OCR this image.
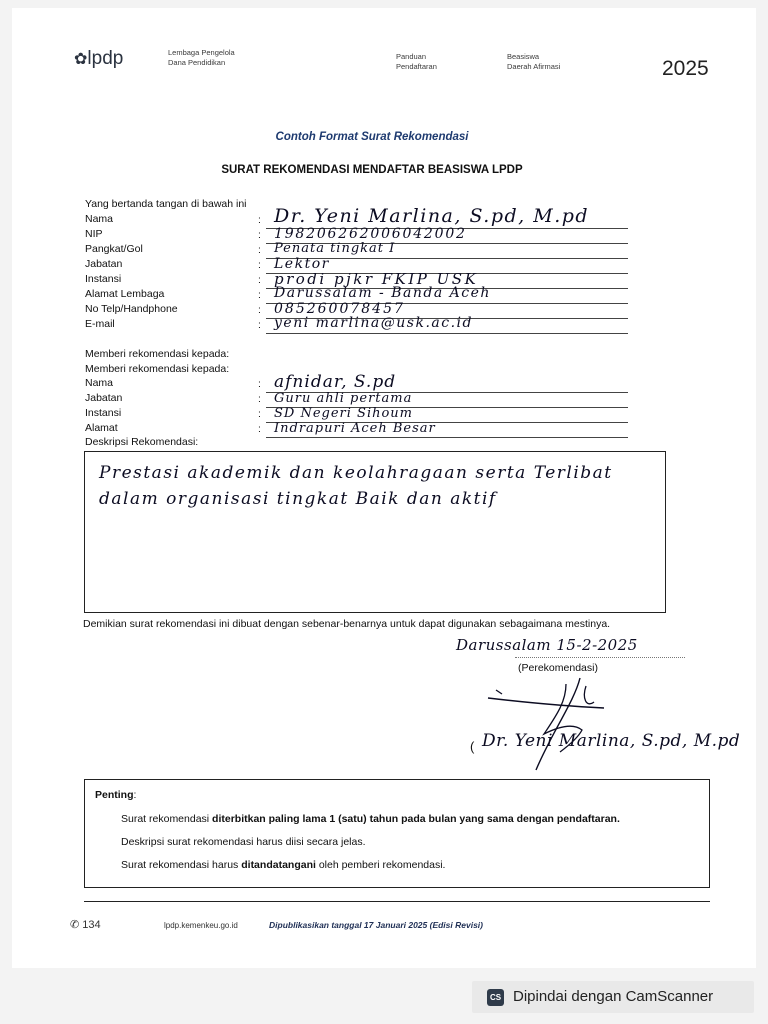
✿lpdp	Lembaga Pengelola
Dana Pendidikan
Panduan
Pendaftaran
Beasiswa
Daerah Afirmasi	2025
Contoh Format Surat Rekomendasi
SURAT REKOMENDASI MENDAFTAR BEASISWA LPDP
Yang bertanda tangan di bawah ini
Nama	: Dr. Yeni Marlina, S.pd, M.pd
NIP	: 198206262006042002
Pangkat/Gol	: Penata tingkat I
Jabatan	: Lektor
Instansi	: prodi pjkr FKIP USK
Alamat Lembaga	: Darussalam - Banda Aceh
No Telp/Handphone	: 085260078457
E-mail	: yeni marlina@usk.ac.id
Memberi rekomendasi kepada:
Memberi rekomendasi kepada:
Nama	: afnidar, S.pd
Jabatan	: Guru ahli pertama
Instansi	: SD Negeri Sihoum
Alamat	: Indrapuri Aceh Besar
Deskripsi Rekomendasi:
Prestasi akademik dan keolahragaan serta Terlibat dalam organisasi tingkat Baik dan aktif
Demikian surat rekomendasi ini dibuat dengan sebenar-benarnya untuk dapat digunakan sebagaimana mestinya.
Darussalam 15-2-2025
(Perekomendasi)
( Dr. Yeni Marlina, S.pd, M.pd
Penting:
Surat rekomendasi diterbitkan paling lama 1 (satu) tahun pada bulan yang sama dengan pendaftaran.
Deskripsi surat rekomendasi harus diisi secara jelas.
Surat rekomendasi harus ditandatangani oleh pemberi rekomendasi.
✆ 134	lpdp.kemenkeu.go.id	Dipublikasikan tanggal 17 Januari 2025 (Edisi Revisi)
CS Dipindai dengan CamScanner
